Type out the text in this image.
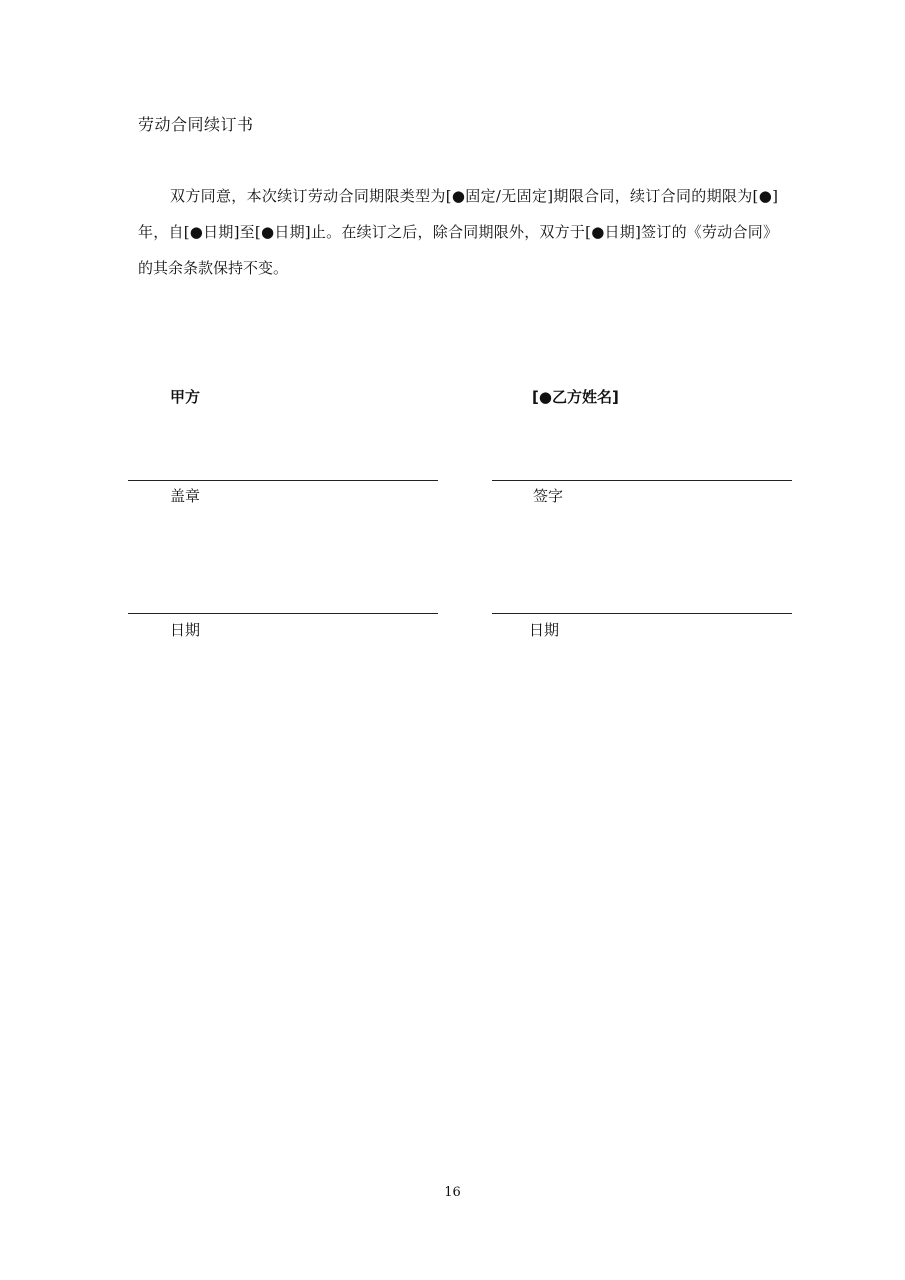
劳动合同续订书
双方同意，本次续订劳动合同期限类型为[●固定/无固定]期限合同，续订合同的期限为[●]年，自[●日期]至[●日期]止。在续订之后，除合同期限外，双方于[●日期]签订的《劳动合同》的其余条款保持不变。
甲方	[●乙方姓名]
盖章	签字
日期	日期
16
